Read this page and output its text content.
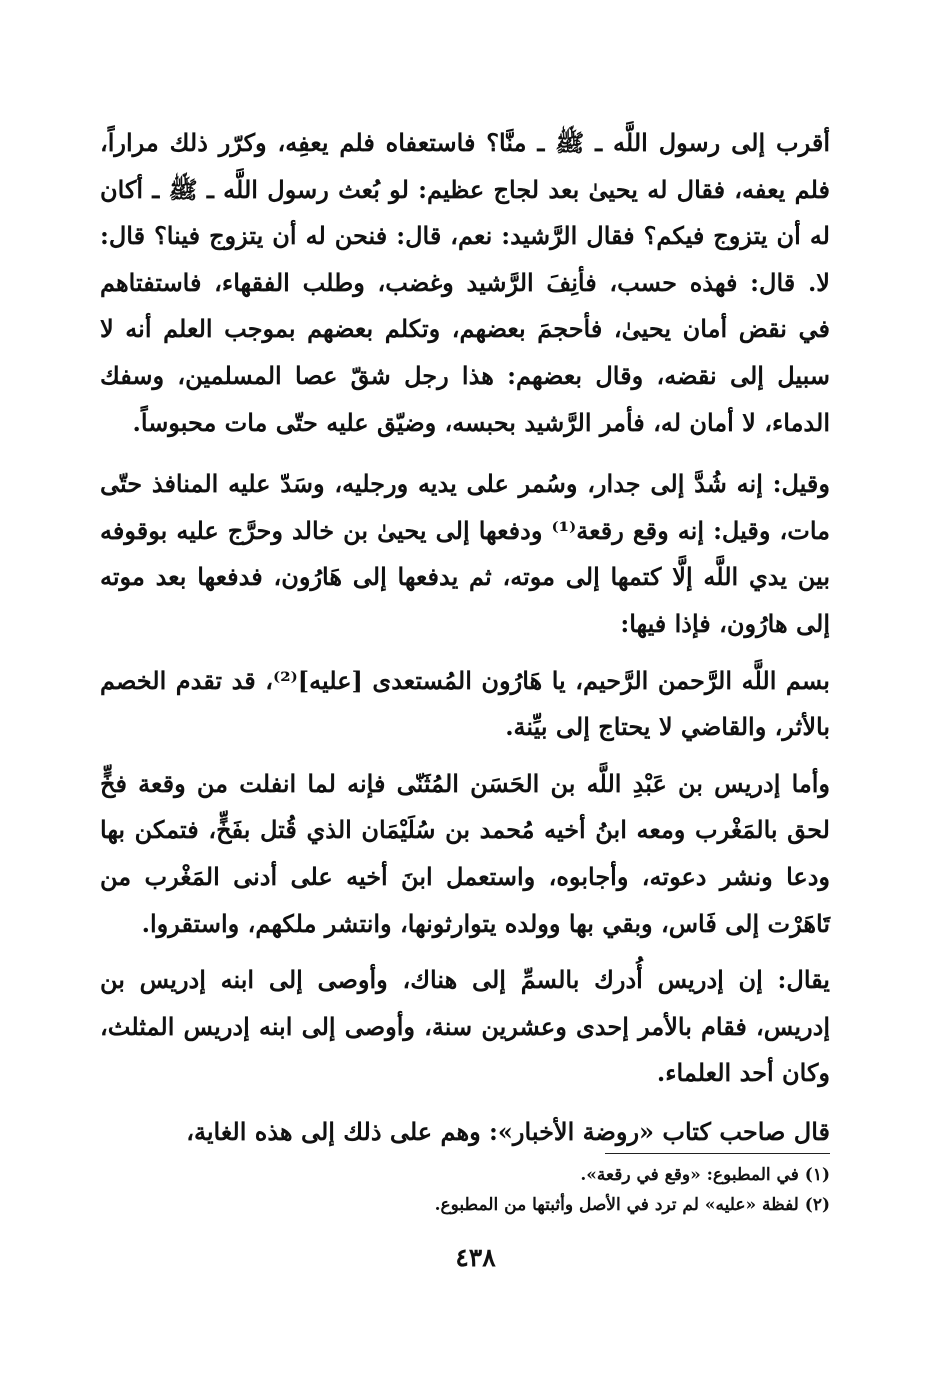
أقرب إلى رسول اللَّه ـ ﷺ ـ منَّا؟ فاستعفاه فلم يعفِه، وكرّر ذلك مراراً، فلم يعفه، فقال له يحيىٰ بعد لجاج عظيم: لو بُعث رسول اللَّه ـ ﷺ ـ أكان له أن يتزوج فيكم؟ فقال الرَّشيد: نعم، قال: فنحن له أن يتزوج فينا؟ قال: لا. قال: فهذه حسب، فأنِفَ الرَّشيد وغضب، وطلب الفقهاء، فاستفتاهم في نقض أمان يحيىٰ، فأحجمَ بعضهم، وتكلم بعضهم بموجب العلم أنه لا سبيل إلى نقضه، وقال بعضهم: هذا رجل شقّ عصا المسلمين، وسفك الدماء، لا أمان له، فأمر الرَّشيد بحبسه، وضيّق عليه حتّى مات محبوساً.

وقيل: إنه شُدَّ إلى جدار، وسُمر على يديه ورجليه، وسَدّ عليه المنافذ حتّى مات، وقيل: إنه وقع رقعة⁽¹⁾ ودفعها إلى يحيىٰ بن خالد وحرَّج عليه بوقوفه بين يدي اللَّه إلَّا كتمها إلى موته، ثم يدفعها إلى هَارُون، فدفعها بعد موته إلى هارُون، فإذا فيها:

بسم اللَّه الرَّحمن الرَّحيم، يا هَارُون المُستعدى [عليه]⁽²⁾، قد تقدم الخصم بالأثر، والقاضي لا يحتاج إلى بيِّنة.

وأما إدريس بن عَبْدِ اللَّه بن الحَسَن المُثَنّى فإنه لما انفلت من وقعة فخٍّ لحق بالمَغْرب ومعه ابنُ أخيه مُحمد بن سُلَيْمَان الذي قُتل بفَخٍّ، فتمكن بها ودعا ونشر دعوته، وأجابوه، واستعمل ابنَ أخيه على أدنى المَغْرب من تَاهَرْت إلى فَاس، وبقي بها وولده يتوارثونها، وانتشر ملكهم، واستقروا.

يقال: إن إدريس أُدرك بالسمِّ إلى هناك، وأوصى إلى ابنه إدريس بن إدريس، فقام بالأمر إحدى وعشرين سنة، وأوصى إلى ابنه إدريس المثلث، وكان أحد العلماء.

قال صاحب كتاب «روضة الأخبار»: وهم على ذلك إلى هذه الغاية،

(١) في المطبوع: «وقع في رقعة».

(٢) لفظة «عليه» لم ترد في الأصل وأثبتها من المطبوع.

٤٣٨
